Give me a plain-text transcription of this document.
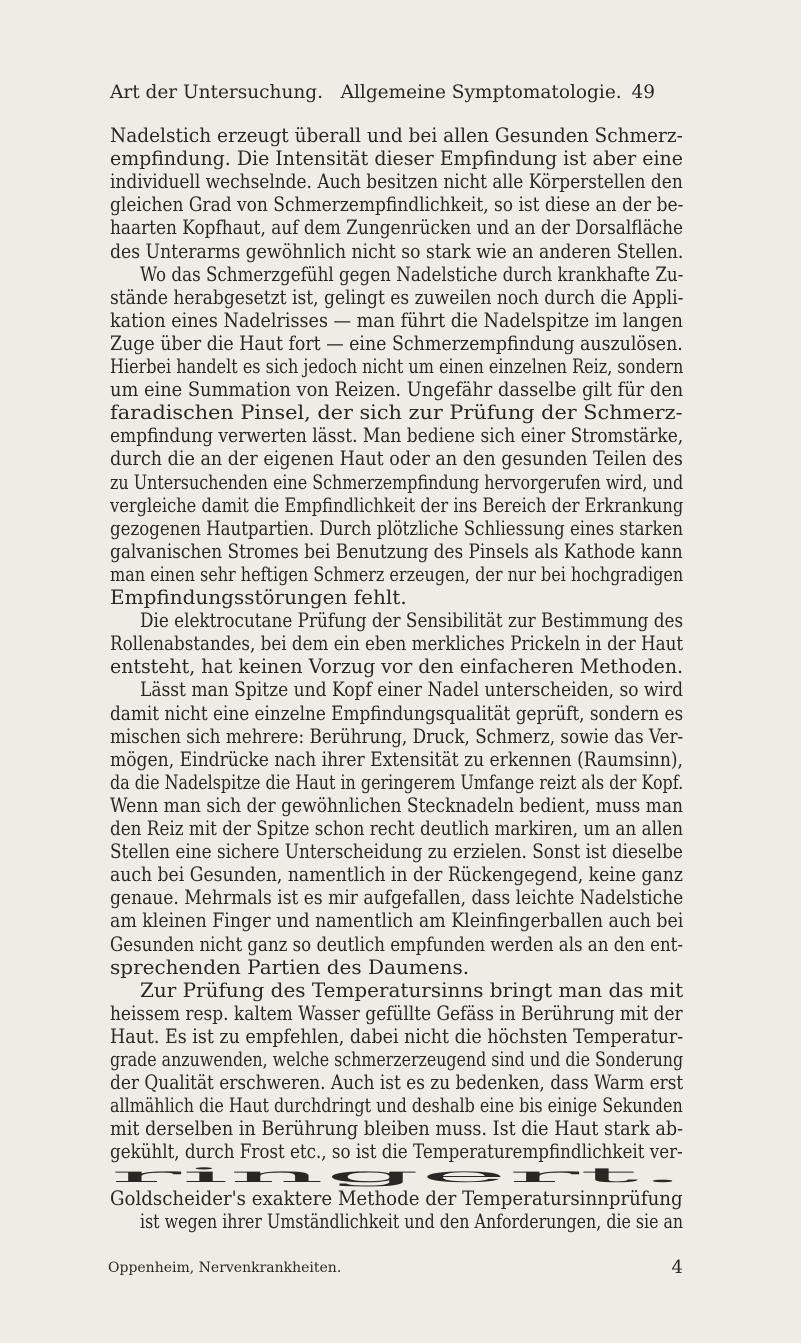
Art der Untersuchung.   Allgemeine Symptomatologie. 49
Nadelstich erzeugt überall und bei allen Gesunden Schmerz-
empfindung. Die Intensität dieser Empfindung ist aber eine
individuell wechselnde. Auch besitzen nicht alle Körperstellen den
gleichen Grad von Schmerzempfindlichkeit, so ist diese an der be-
haarten Kopfhaut, auf dem Zungenrücken und an der Dorsalfläche
des Unterarms gewöhnlich nicht so stark wie an anderen Stellen.
Wo das Schmerzgefühl gegen Nadelstiche durch krankhafte Zu-
stände herabgesetzt ist, gelingt es zuweilen noch durch die Appli-
kation eines Nadelrisses — man führt die Nadelspitze im langen
Zuge über die Haut fort — eine Schmerzempfindung auszulösen.
Hierbei handelt es sich jedoch nicht um einen einzelnen Reiz, sondern
um eine Summation von Reizen. Ungefähr dasselbe gilt für den
faradischen Pinsel, der sich zur Prüfung der Schmerz-
empfindung verwerten lässt. Man bediene sich einer Stromstärke,
durch die an der eigenen Haut oder an den gesunden Teilen des
zu Untersuchenden eine Schmerzempfindung hervorgerufen wird, und
vergleiche damit die Empfindlichkeit der ins Bereich der Erkrankung
gezogenen Hautpartien. Durch plötzliche Schliessung eines starken
galvanischen Stromes bei Benutzung des Pinsels als Kathode kann
man einen sehr heftigen Schmerz erzeugen, der nur bei hochgradigen
Empfindungsstörungen fehlt.
Die elektrocutane Prüfung der Sensibilität zur Bestimmung des
Rollenabstandes, bei dem ein eben merkliches Prickeln in der Haut
entsteht, hat keinen Vorzug vor den einfacheren Methoden.
Lässt man Spitze und Kopf einer Nadel unterscheiden, so wird
damit nicht eine einzelne Empfindungsqualität geprüft, sondern es
mischen sich mehrere: Berührung, Druck, Schmerz, sowie das Ver-
mögen, Eindrücke nach ihrer Extensität zu erkennen (Raumsinn),
da die Nadelspitze die Haut in geringerem Umfange reizt als der Kopf.
Wenn man sich der gewöhnlichen Stecknadeln bedient, muss man
den Reiz mit der Spitze schon recht deutlich markiren, um an allen
Stellen eine sichere Unterscheidung zu erzielen. Sonst ist dieselbe
auch bei Gesunden, namentlich in der Rückengegend, keine ganz
genaue. Mehrmals ist es mir aufgefallen, dass leichte Nadelstiche
am kleinen Finger und namentlich am Kleinfingerballen auch bei
Gesunden nicht ganz so deutlich empfunden werden als an den ent-
sprechenden Partien des Daumens.
Zur Prüfung des Temperatursinns bringt man das mit
heissem resp. kaltem Wasser gefüllte Gefäss in Berührung mit der
Haut. Es ist zu empfehlen, dabei nicht die höchsten Temperatur-
grade anzuwenden, welche schmerzerzeugend sind und die Sonderung
der Qualität erschweren. Auch ist es zu bedenken, dass Warm erst
allmählich die Haut durchdringt und deshalb eine bis einige Sekunden
mit derselben in Berührung bleiben muss. Ist die Haut stark ab-
gekühlt, durch Frost etc., so ist die Temperaturempfindlichkeit ver-
ringert.
Goldscheider's exaktere Methode der Temperatursinnprüfung
ist wegen ihrer Umständlichkeit und den Anforderungen, die sie an
Oppenheim, Nervenkrankheiten.	4
